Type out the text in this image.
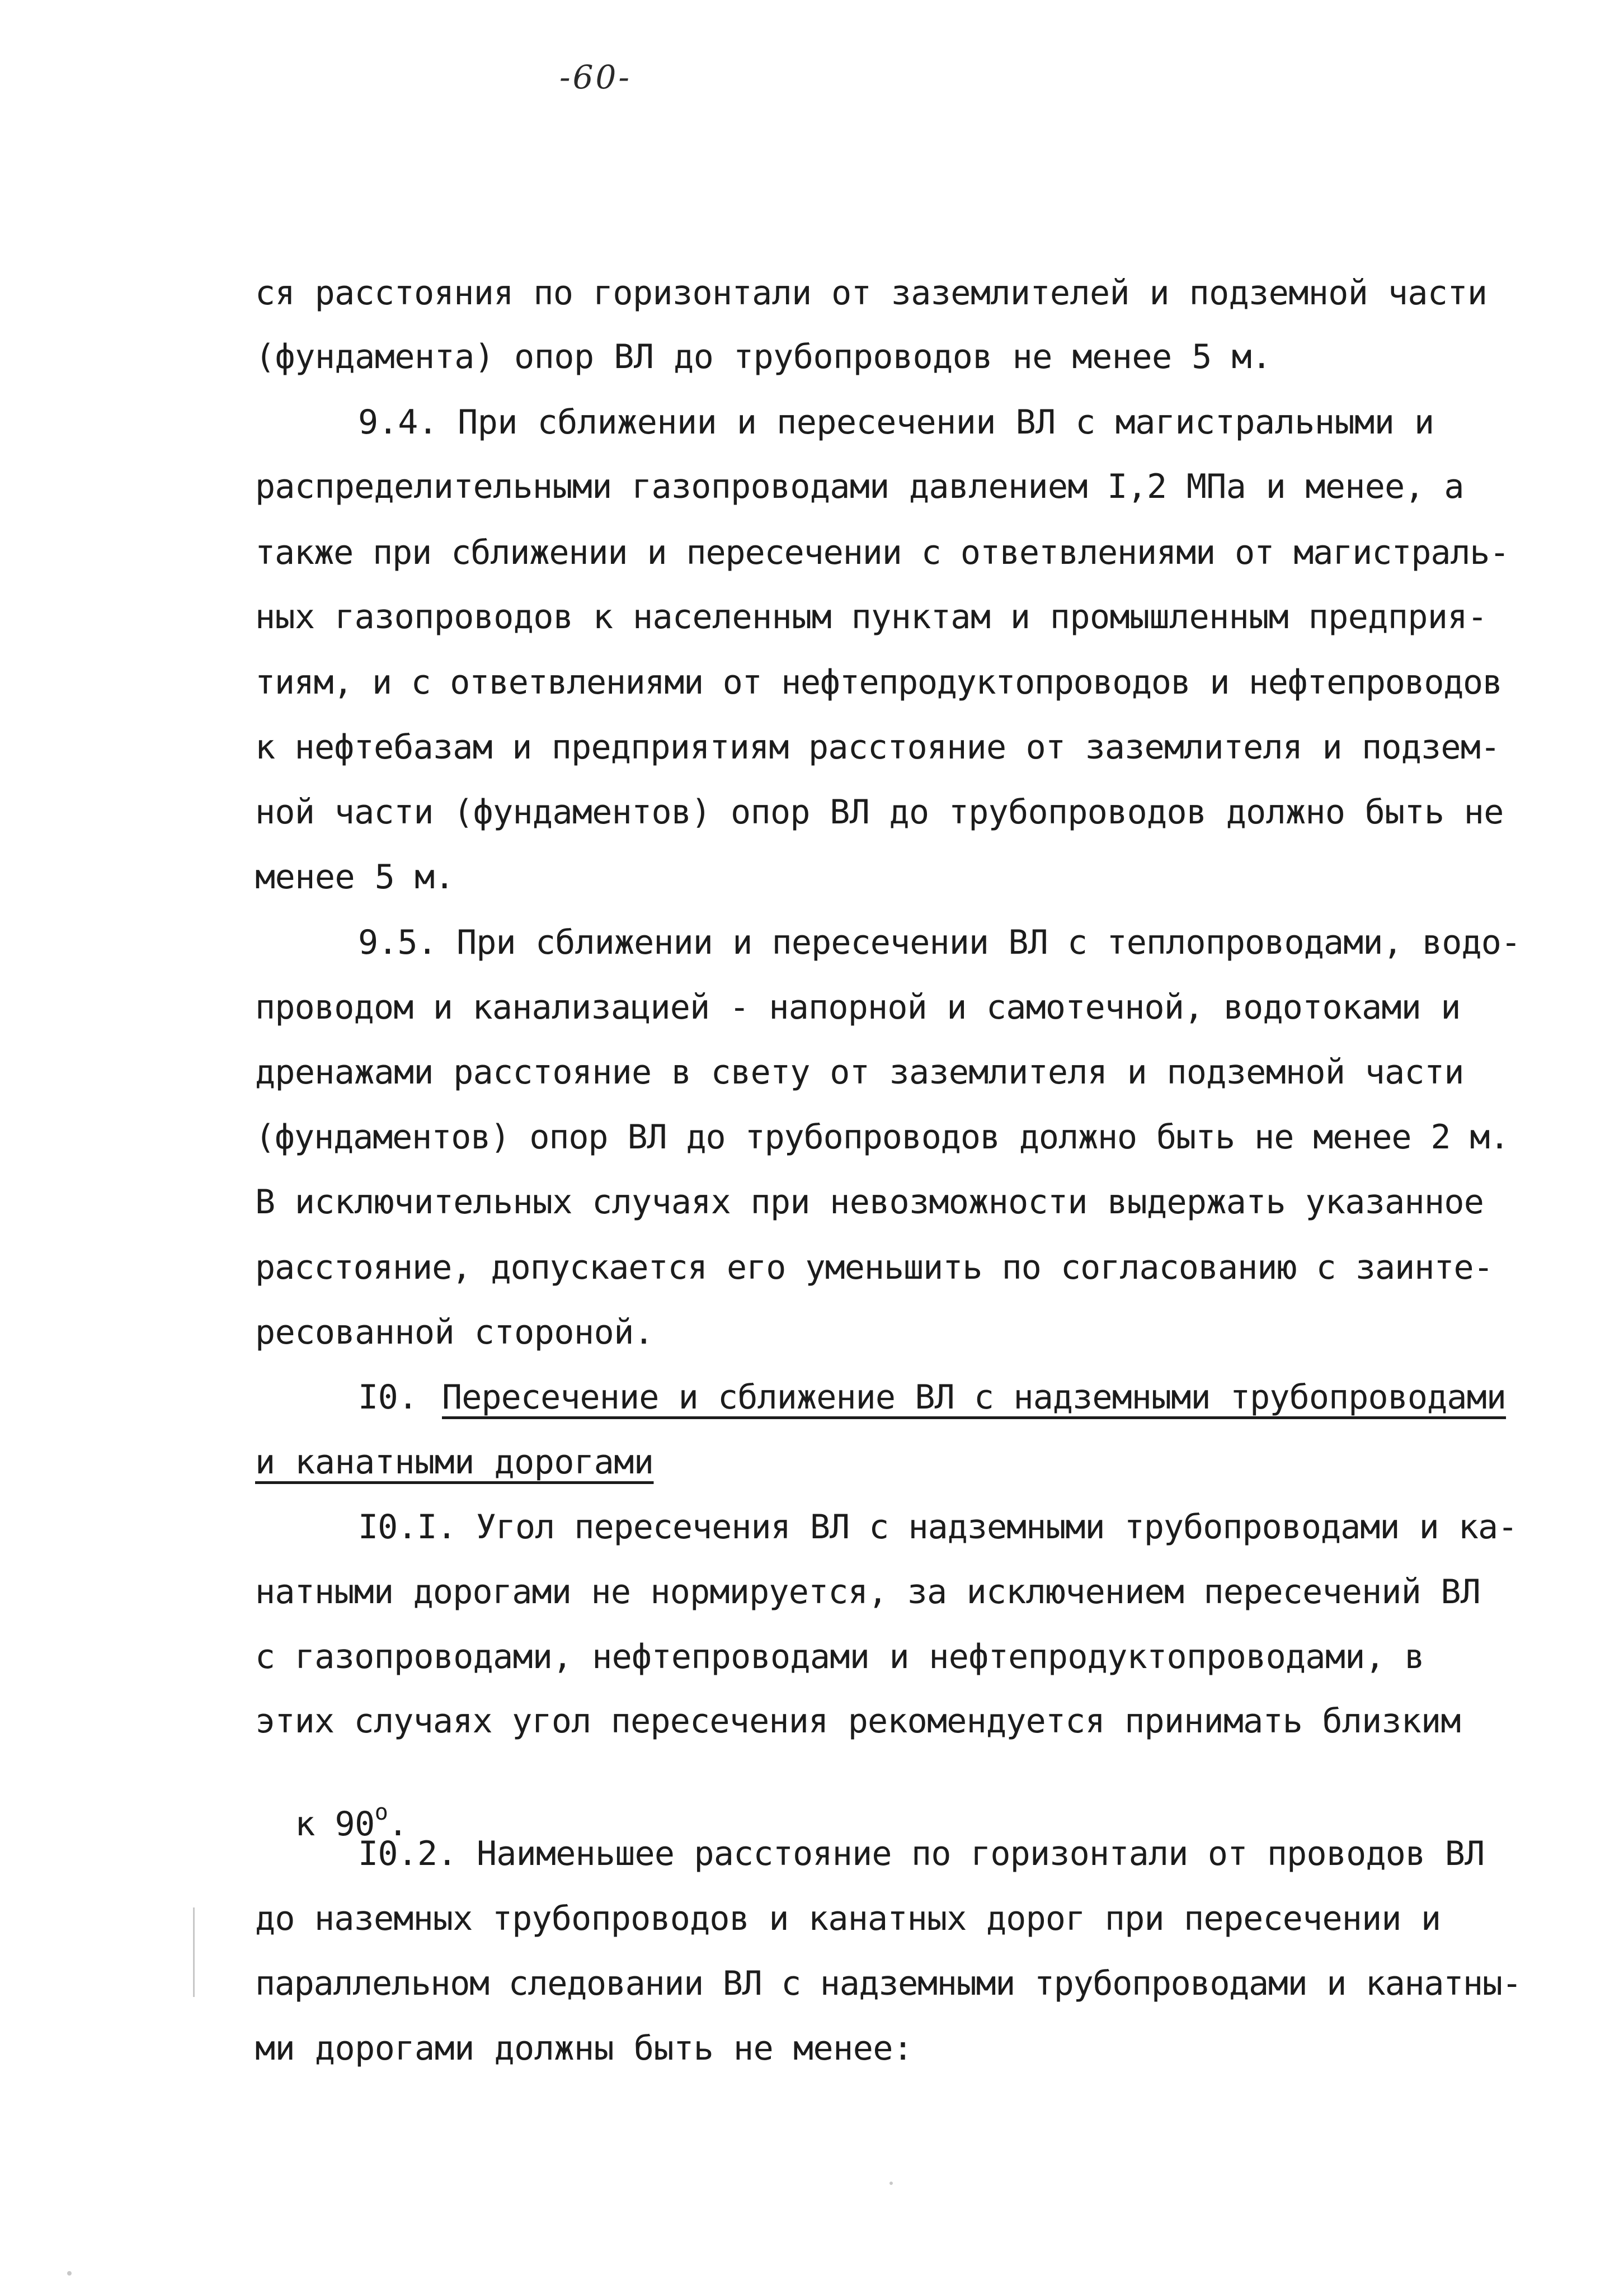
-60-
ся расстояния по горизонтали от заземлителей и подземной части
(фундамента) опор ВЛ до трубопроводов не менее 5 м.
9.4. При сближении и пересечении ВЛ с магистральными и
распределительными газопроводами давлением I,2 МПа и менее, а
также при сближении и пересечении с ответвлениями от магистраль-
ных газопроводов к населенным пунктам и промышленным предприя-
тиям, и с ответвлениями от нефтепродуктопроводов и нефтепроводов
к нефтебазам и предприятиям расстояние от заземлителя и подзем-
ной части (фундаментов) опор ВЛ до трубопроводов должно быть не
менее 5 м.
9.5. При сближении и пересечении ВЛ с теплопроводами, водо-
проводом и канализацией - напорной и самотечной, водотоками и
дренажами расстояние в свету от заземлителя и подземной части
(фундаментов) опор ВЛ до трубопроводов должно быть не менее 2 м.
В исключительных случаях при невозможности выдержать указанное
расстояние, допускается его уменьшить по согласованию с заинте-
ресованной стороной.
I0. Пересечение и сближение ВЛ с надземными трубопроводами
и канатными дорогами
I0.I. Угол пересечения ВЛ с надземными трубопроводами и ка-
натными дорогами не нормируется, за исключением пересечений ВЛ
с газопроводами, нефтепроводами и нефтепродуктопроводами, в
этих случаях угол пересечения рекомендуется принимать близким

к $90^о$.

I0.2. Наименьшее расстояние по горизонтали от проводов ВЛ
до наземных трубопроводов и канатных дорог при пересечении и
параллельном следовании ВЛ с надземными трубопроводами и канатны-
ми дорогами должны быть не менее:
